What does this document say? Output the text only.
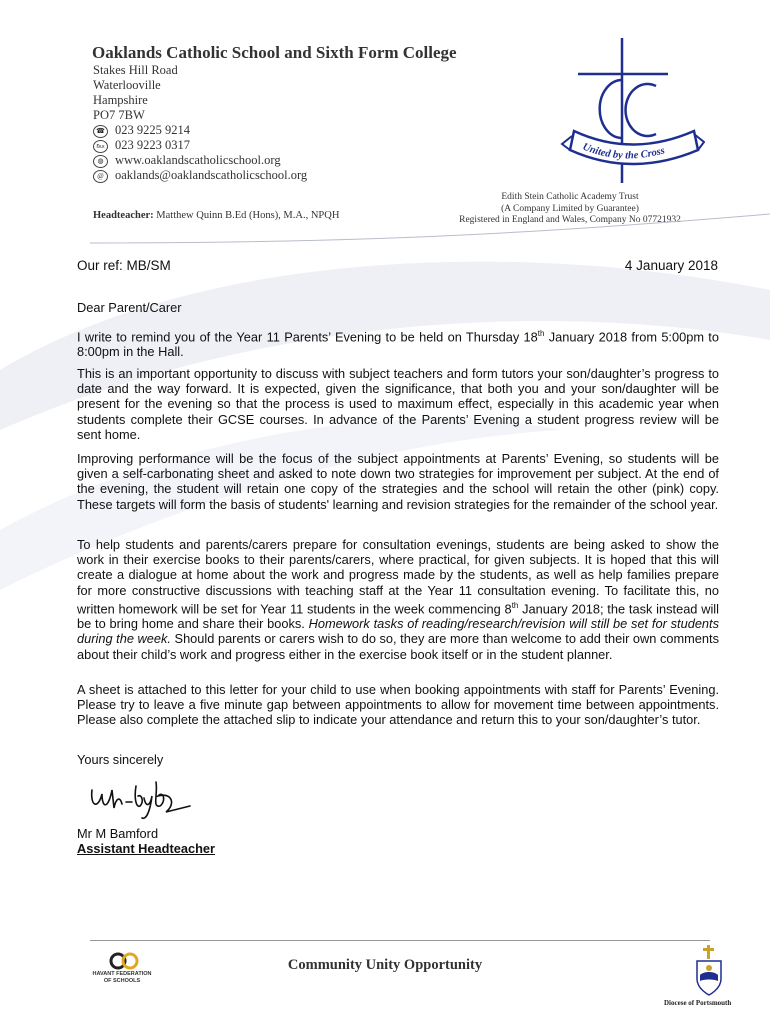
Oaklands Catholic School and Sixth Form College
Stakes Hill Road
Waterlooville
Hampshire
PO7 7BW
☎ 023 9225 9214
℻ 023 9223 0317
◍ www.oaklandscatholicschool.org
@ oaklands@oaklandscatholicschool.org
Headteacher: Matthew Quinn B.Ed (Hons), M.A., NPQH
Edith Stein Catholic Academy Trust
(A Company Limited by Guarantee)
Registered in England and Wales, Company No 07721932
United by the Cross
Our ref: MB/SM	4 January 2018
Dear Parent/Carer

I write to remind you of the Year 11 Parents’ Evening to be held on Thursday 18th January 2018 from 5:00pm to 8:00pm in the Hall.

This is an important opportunity to discuss with subject teachers and form tutors your son/daughter’s progress to date and the way forward. It is expected, given the significance, that both you and your son/daughter will be present for the evening so that the process is used to maximum effect, especially in this academic year when students complete their GCSE courses. In advance of the Parents’ Evening a student progress review will be sent home.

Improving performance will be the focus of the subject appointments at Parents’ Evening, so students will be given a self-carbonating sheet and asked to note down two strategies for improvement per subject. At the end of the evening, the student will retain one copy of the strategies and the school will retain the other (pink) copy. These targets will form the basis of students' learning and revision strategies for the remainder of the school year.

To help students and parents/carers prepare for consultation evenings, students are being asked to show the work in their exercise books to their parents/carers, where practical, for given subjects. It is hoped that this will create a dialogue at home about the work and progress made by the students, as well as help families prepare for more constructive discussions with teaching staff at the Year 11 consultation evening. To facilitate this, no written homework will be set for Year 11 students in the week commencing 8th January 2018; the task instead will be to bring home and share their books. Homework tasks of reading/research/revision will still be set for students during the week. Should parents or carers wish to do so, they are more than welcome to add their own comments about their child’s work and progress either in the exercise book itself or in the student planner.

A sheet is attached to this letter for your child to use when booking appointments with staff for Parents’ Evening. Please try to leave a five minute gap between appointments to allow for movement time between appointments. Please also complete the attached slip to indicate your attendance and return this to your son/daughter’s tutor.

Yours sincerely
Mr M Bamford
Assistant Headteacher
HAVANT FEDERATION
OF SCHOOLS
Community Unity Opportunity
Diocese of Portsmouth
